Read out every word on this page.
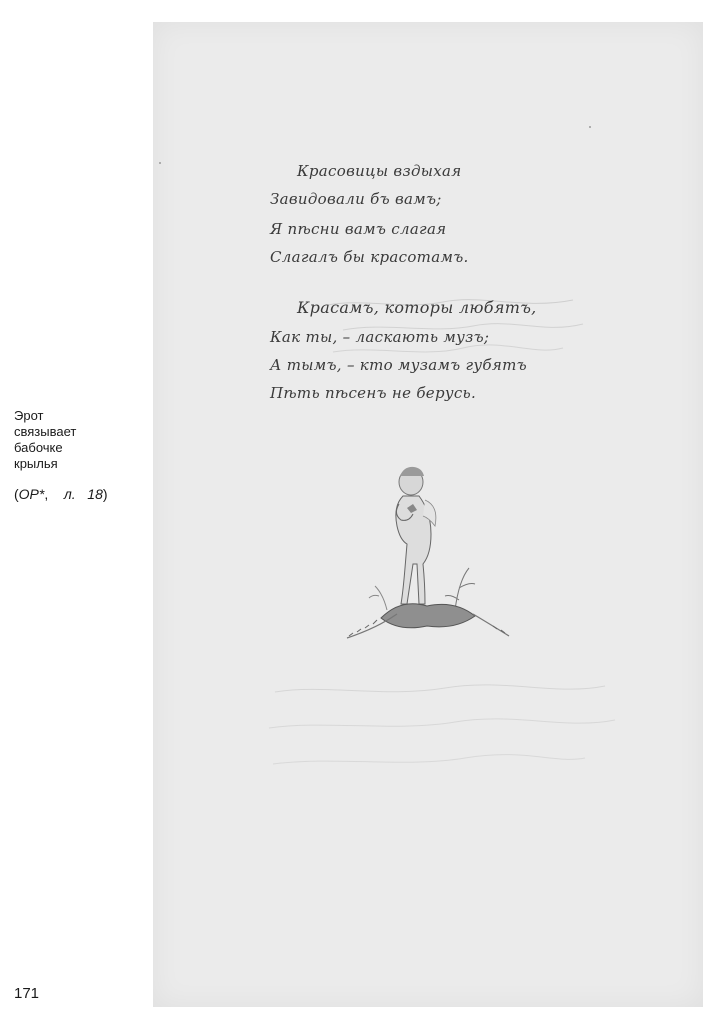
Эрот
связывает
бабочке
крылья
(ОР*, л. 18)
171
Красовицы вздыхая
Завидовали бъ вамъ;
Я пѣсни вамъ слагая
Слагалъ бы красотамъ.
Красамъ, которы любятъ,
Как ты, – ласкають музъ;
А тымъ, – кто музамъ губятъ
Пѣть пѣсенъ не берусь.
